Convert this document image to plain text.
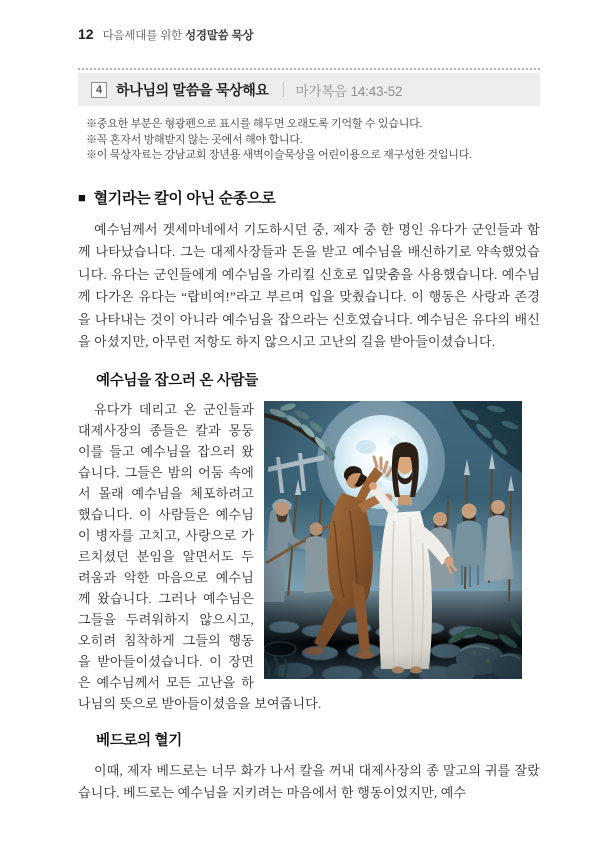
12 다음세대를 위한 성경말씀 묵상
4 하나님의 말씀을 묵상해요 마가복음 14:43-52
※중요한 부분은 형광펜으로 표시를 해두면 오래도록 기억할 수 있습니다.
※꼭 혼자서 방해받지 않는 곳에서 해야 합니다.
※이 묵상자료는 강남교회 장년용 새벽이슬묵상을 어린이용으로 재구성한 것입니다.
■ 혈기라는 칼이 아닌 순종으로

예수님께서 겟세마네에서 기도하시던 중, 제자 중 한 명인 유다가 군인들과 함께 나타났습니다. 그는 대제사장들과 돈을 받고 예수님을 배신하기로 약속했었습니다. 유다는 군인들에게 예수님을 가리킬 신호로 입맞춤을 사용했습니다. 예수님께 다가온 유다는 “랍비여!”라고 부르며 입을 맞췄습니다. 이 행동은 사랑과 존경을 나타내는 것이 아니라 예수님을 잡으라는 신호였습니다. 예수님은 유다의 배신을 아셨지만, 아무런 저항도 하지 않으시고 고난의 길을 받아들이셨습니다.

예수님을 잡으러 온 사람들
유다가 데리고 온 군인들과 대제사장의 종들은 칼과 몽둥이를 들고 예수님을 잡으러 왔습니다. 그들은 밤의 어둠 속에서 몰래 예수님을 체포하려고 했습니다. 이 사람들은 예수님이 병자를 고치고, 사랑으로 가르치셨던 분임을 알면서도 두려움과 악한 마음으로 예수님께 왔습니다. 그러나 예수님은 그들을 두려워하지 않으시고, 오히려 침착하게 그들의 행동을 받아들이셨습니다. 이 장면은 예수님께서 모든 고난을 하나님의 뜻으로 받아들이셨음을 보여줍니다.
베드로의 혈기

이때, 제자 베드로는 너무 화가 나서 칼을 꺼내 대제사장의 종 말고의 귀를 잘랐습니다. 베드로는 예수님을 지키려는 마음에서 한 행동이었지만, 예수
